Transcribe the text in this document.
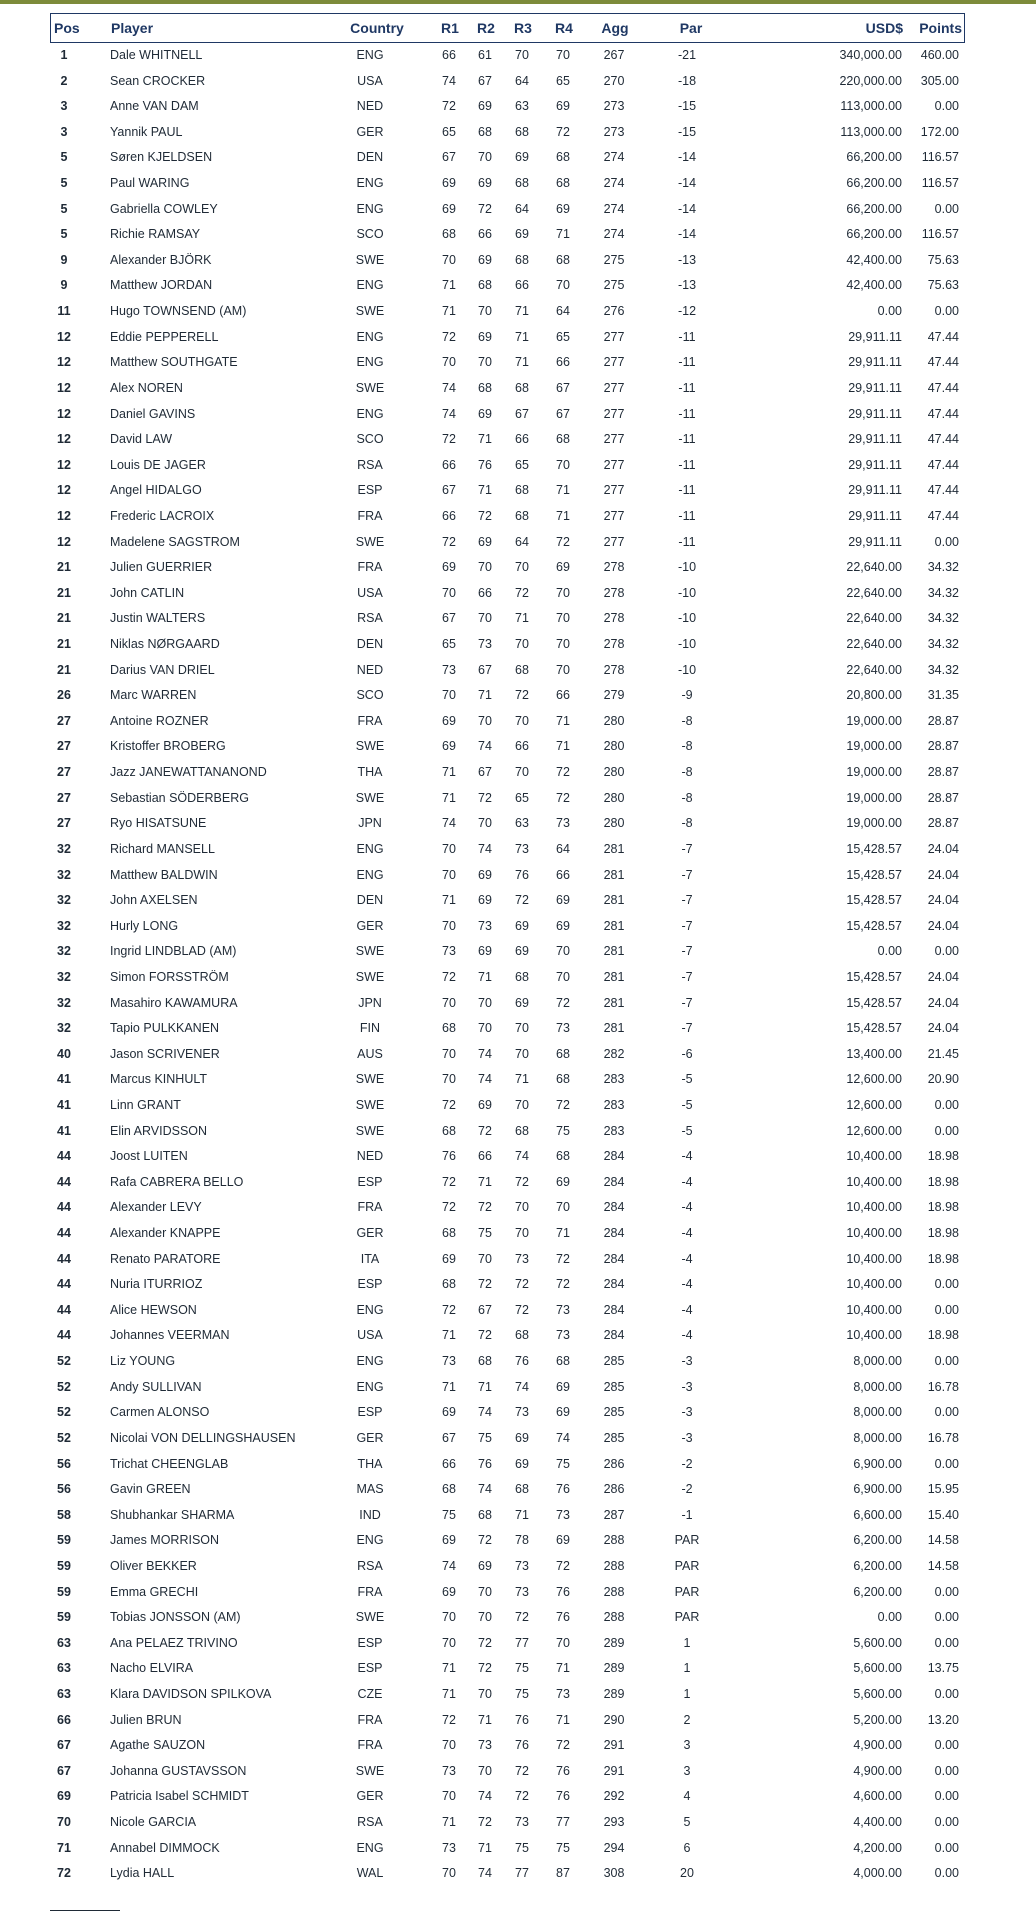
Pos Player	Country	R1	R2	R3	R4	Agg	Par	USD$	Points
1	Dale WHITNELL	ENG	66	61	70	70	267	-21	340,000.00	460.00
2	Sean CROCKER	USA	74	67	64	65	270	-18	220,000.00	305.00
3	Anne VAN DAM	NED	72	69	63	69	273	-15	113,000.00	0.00
3	Yannik PAUL	GER	65	68	68	72	273	-15	113,000.00	172.00
5	Søren KJELDSEN	DEN	67	70	69	68	274	-14	66,200.00	116.57
5	Paul WARING	ENG	69	69	68	68	274	-14	66,200.00	116.57
5	Gabriella COWLEY	ENG	69	72	64	69	274	-14	66,200.00	0.00
5	Richie RAMSAY	SCO	68	66	69	71	274	-14	66,200.00	116.57
9	Alexander BJÖRK	SWE	70	69	68	68	275	-13	42,400.00	75.63
9	Matthew JORDAN	ENG	71	68	66	70	275	-13	42,400.00	75.63
11	Hugo TOWNSEND (AM)	SWE	71	70	71	64	276	-12	0.00	0.00
12	Eddie PEPPERELL	ENG	72	69	71	65	277	-11	29,911.11	47.44
12	Matthew SOUTHGATE	ENG	70	70	71	66	277	-11	29,911.11	47.44
12	Alex NOREN	SWE	74	68	68	67	277	-11	29,911.11	47.44
12	Daniel GAVINS	ENG	74	69	67	67	277	-11	29,911.11	47.44
12	David LAW	SCO	72	71	66	68	277	-11	29,911.11	47.44
12	Louis DE JAGER	RSA	66	76	65	70	277	-11	29,911.11	47.44
12	Angel HIDALGO	ESP	67	71	68	71	277	-11	29,911.11	47.44
12	Frederic LACROIX	FRA	66	72	68	71	277	-11	29,911.11	47.44
12	Madelene SAGSTROM	SWE	72	69	64	72	277	-11	29,911.11	0.00
21	Julien GUERRIER	FRA	69	70	70	69	278	-10	22,640.00	34.32
21	John CATLIN	USA	70	66	72	70	278	-10	22,640.00	34.32
21	Justin WALTERS	RSA	67	70	71	70	278	-10	22,640.00	34.32
21	Niklas NØRGAARD	DEN	65	73	70	70	278	-10	22,640.00	34.32
21	Darius VAN DRIEL	NED	73	67	68	70	278	-10	22,640.00	34.32
26	Marc WARREN	SCO	70	71	72	66	279	-9	20,800.00	31.35
27	Antoine ROZNER	FRA	69	70	70	71	280	-8	19,000.00	28.87
27	Kristoffer BROBERG	SWE	69	74	66	71	280	-8	19,000.00	28.87
27	Jazz JANEWATTANANOND	THA	71	67	70	72	280	-8	19,000.00	28.87
27	Sebastian SÖDERBERG	SWE	71	72	65	72	280	-8	19,000.00	28.87
27	Ryo HISATSUNE	JPN	74	70	63	73	280	-8	19,000.00	28.87
32	Richard MANSELL	ENG	70	74	73	64	281	-7	15,428.57	24.04
32	Matthew BALDWIN	ENG	70	69	76	66	281	-7	15,428.57	24.04
32	John AXELSEN	DEN	71	69	72	69	281	-7	15,428.57	24.04
32	Hurly LONG	GER	70	73	69	69	281	-7	15,428.57	24.04
32	Ingrid LINDBLAD (AM)	SWE	73	69	69	70	281	-7	0.00	0.00
32	Simon FORSSTRÖM	SWE	72	71	68	70	281	-7	15,428.57	24.04
32	Masahiro KAWAMURA	JPN	70	70	69	72	281	-7	15,428.57	24.04
32	Tapio PULKKANEN	FIN	68	70	70	73	281	-7	15,428.57	24.04
40	Jason SCRIVENER	AUS	70	74	70	68	282	-6	13,400.00	21.45
41	Marcus KINHULT	SWE	70	74	71	68	283	-5	12,600.00	20.90
41	Linn GRANT	SWE	72	69	70	72	283	-5	12,600.00	0.00
41	Elin ARVIDSSON	SWE	68	72	68	75	283	-5	12,600.00	0.00
44	Joost LUITEN	NED	76	66	74	68	284	-4	10,400.00	18.98
44	Rafa CABRERA BELLO	ESP	72	71	72	69	284	-4	10,400.00	18.98
44	Alexander LEVY	FRA	72	72	70	70	284	-4	10,400.00	18.98
44	Alexander KNAPPE	GER	68	75	70	71	284	-4	10,400.00	18.98
44	Renato PARATORE	ITA	69	70	73	72	284	-4	10,400.00	18.98
44	Nuria ITURRIOZ	ESP	68	72	72	72	284	-4	10,400.00	0.00
44	Alice HEWSON	ENG	72	67	72	73	284	-4	10,400.00	0.00
44	Johannes VEERMAN	USA	71	72	68	73	284	-4	10,400.00	18.98
52	Liz YOUNG	ENG	73	68	76	68	285	-3	8,000.00	0.00
52	Andy SULLIVAN	ENG	71	71	74	69	285	-3	8,000.00	16.78
52	Carmen ALONSO	ESP	69	74	73	69	285	-3	8,000.00	0.00
52	Nicolai VON DELLINGSHAUSEN	GER	67	75	69	74	285	-3	8,000.00	16.78
56	Trichat CHEENGLAB	THA	66	76	69	75	286	-2	6,900.00	0.00
56	Gavin GREEN	MAS	68	74	68	76	286	-2	6,900.00	15.95
58	Shubhankar SHARMA	IND	75	68	71	73	287	-1	6,600.00	15.40
59	James MORRISON	ENG	69	72	78	69	288	PAR	6,200.00	14.58
59	Oliver BEKKER	RSA	74	69	73	72	288	PAR	6,200.00	14.58
59	Emma GRECHI	FRA	69	70	73	76	288	PAR	6,200.00	0.00
59	Tobias JONSSON (AM)	SWE	70	70	72	76	288	PAR	0.00	0.00
63	Ana PELAEZ TRIVINO	ESP	70	72	77	70	289	1	5,600.00	0.00
63	Nacho ELVIRA	ESP	71	72	75	71	289	1	5,600.00	13.75
63	Klara DAVIDSON SPILKOVA	CZE	71	70	75	73	289	1	5,600.00	0.00
66	Julien BRUN	FRA	72	71	76	71	290	2	5,200.00	13.20
67	Agathe SAUZON	FRA	70	73	76	72	291	3	4,900.00	0.00
67	Johanna GUSTAVSSON	SWE	73	70	72	76	291	3	4,900.00	0.00
69	Patricia Isabel SCHMIDT	GER	70	74	72	76	292	4	4,600.00	0.00
70	Nicole GARCIA	RSA	71	72	73	77	293	5	4,400.00	0.00
71	Annabel DIMMOCK	ENG	73	71	75	75	294	6	4,200.00	0.00
72	Lydia HALL	WAL	70	74	77	87	308	20	4,000.00	0.00
